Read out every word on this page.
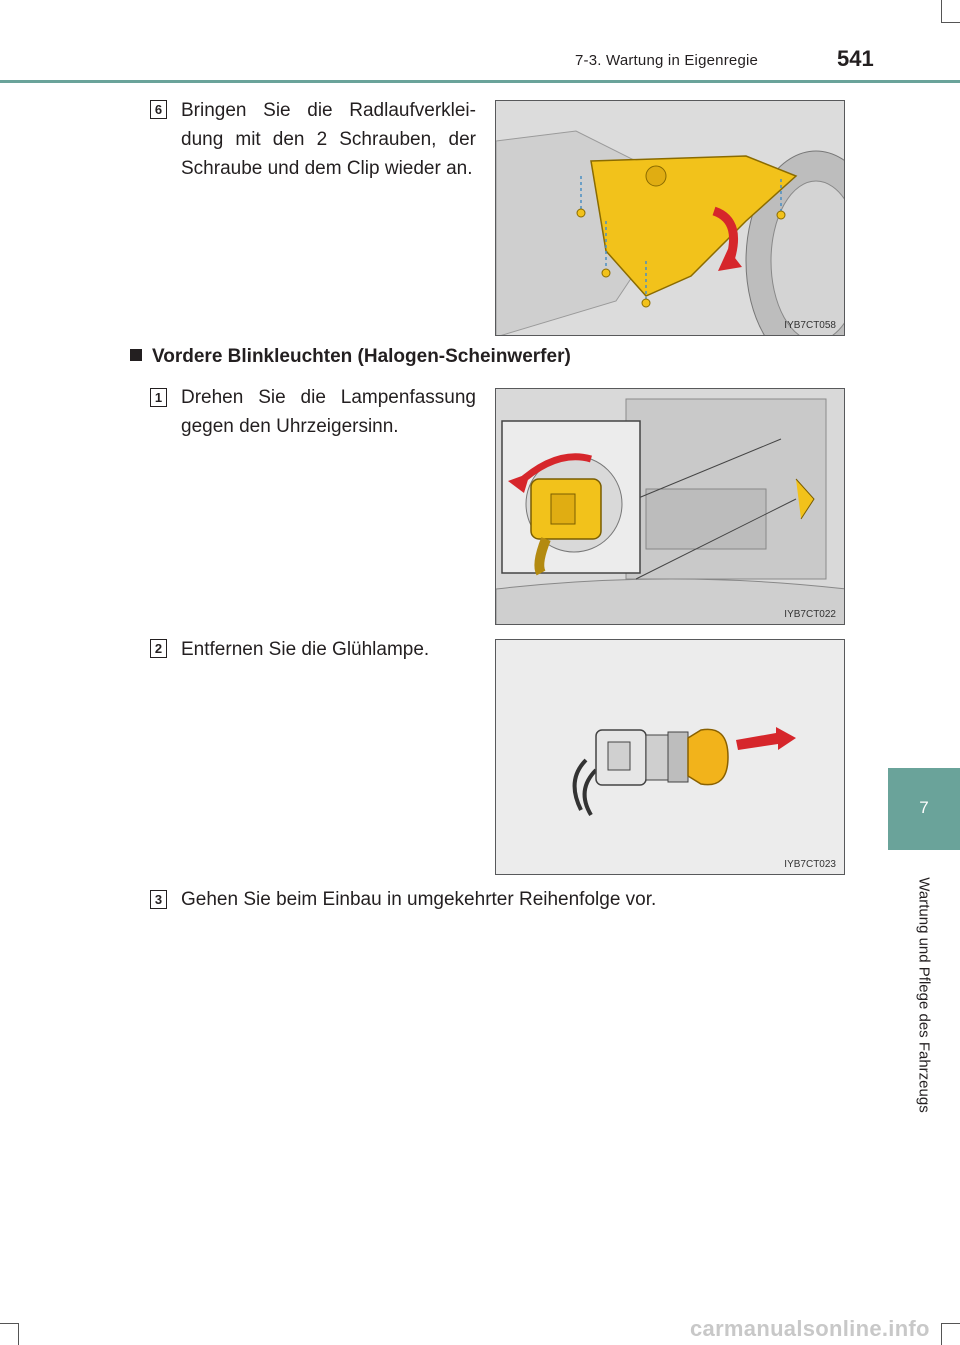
7-3. Wartung in Eigenregie	541
7
Wartung und Pflege des Fahrzeugs
6 Bringen Sie die Radlaufverklei-dung mit den 2 Schrauben, der Schraube und dem Clip wieder an.
IYB7CT058
Vordere Blinkleuchten (Halogen-Scheinwerfer)
1 Drehen Sie die Lampenfassung gegen den Uhrzeigersinn.
IYB7CT022
2 Entfernen Sie die Glühlampe.
IYB7CT023
3 Gehen Sie beim Einbau in umgekehrter Reihenfolge vor.
carmanualsonline.info
